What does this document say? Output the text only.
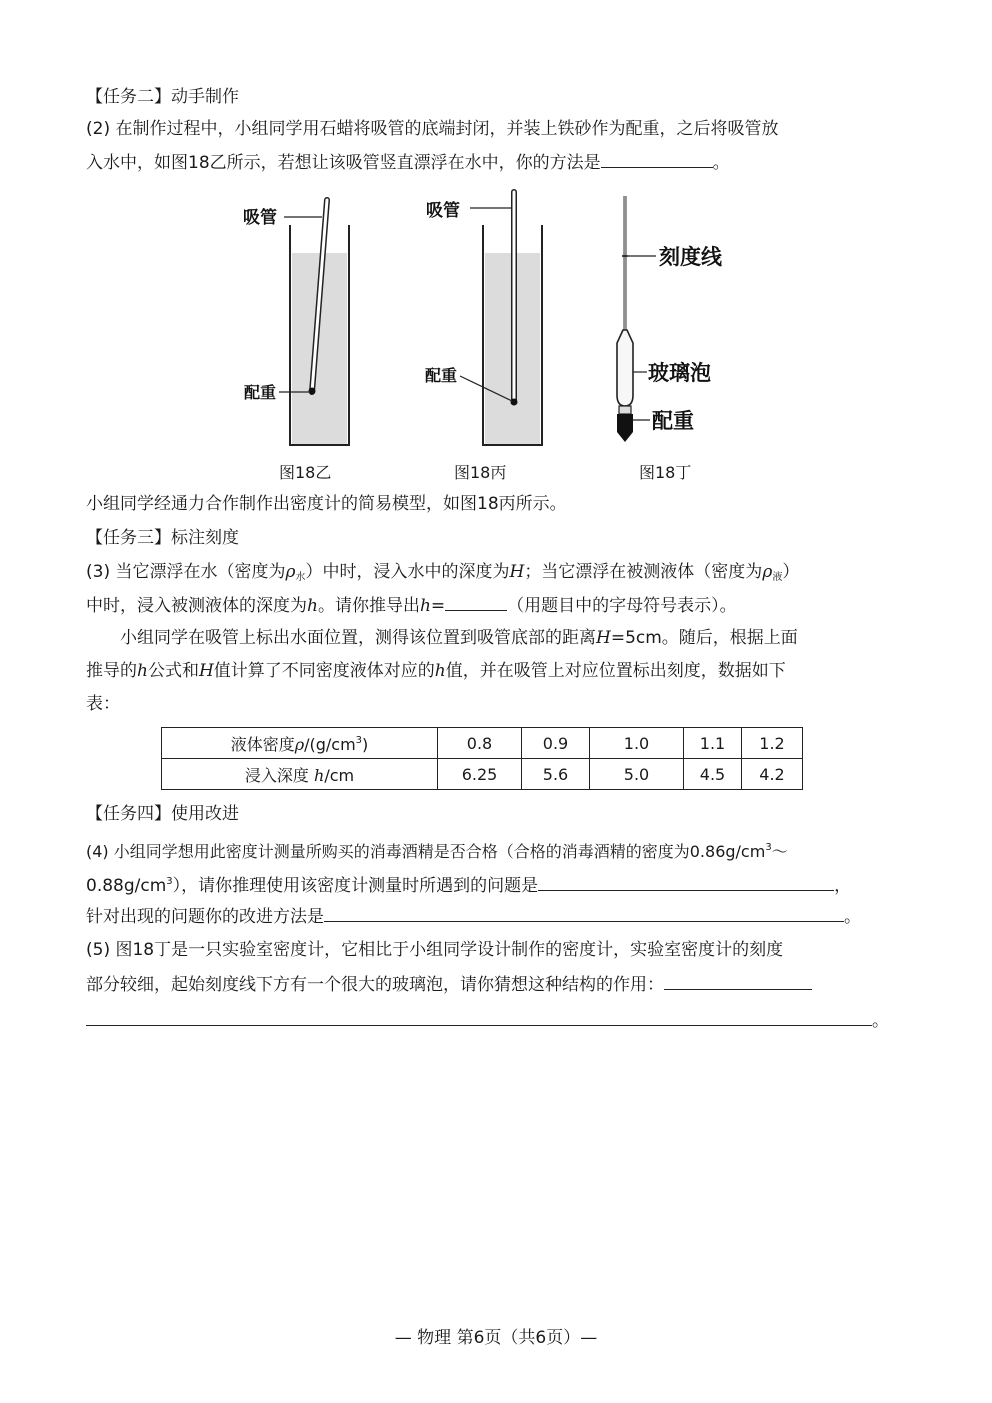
【任务二】动手制作
(2) 在制作过程中，小组同学用石蜡将吸管的底端封闭，并装上铁砂作为配重，之后将吸管放
入水中，如图18乙所示，若想让该吸管竖直漂浮在水中，你的方法是	。
吸管
配重
吸管
配重
刻度线
玻璃泡
配重
图18乙	图18丙	图18丁
小组同学经通力合作制作出密度计的简易模型，如图18丙所示。
【任务三】标注刻度
(3) 当它漂浮在水（密度为$\rho_水$）中时，浸入水中的深度为H；当它漂浮在被测液体（密度为$\rho_液$）
中时，浸入被测液体的深度为h。请你推导出h=	（用题目中的字母符号表示）。
小组同学在吸管上标出水面位置，测得该位置到吸管底部的距离H=5cm。随后，根据上面
推导的h公式和H值计算了不同密度液体对应的h值，并在吸管上对应位置标出刻度，数据如下
表：
液体密度$\rho/(g/cm^3)$	0.8	0.9	1.0	1.1	1.2
浸入深度 h/cm	6.25	5.6	5.0	4.5	4.2
【任务四】使用改进
(4) 小组同学想用此密度计测量所购买的消毒酒精是否合格（合格的消毒酒精的密度为$0.86g/cm^3\sim$
$0.88g/cm^3$），请你推理使用该密度计测量时所遇到的问题是	，
针对出现的问题你的改进方法是	。
(5) 图18丁是一只实验室密度计，它相比于小组同学设计制作的密度计，实验室密度计的刻度
部分较细，起始刻度线下方有一个很大的玻璃泡，请你猜想这种结构的作用：
。
— 物理 第6页（共6页）—
